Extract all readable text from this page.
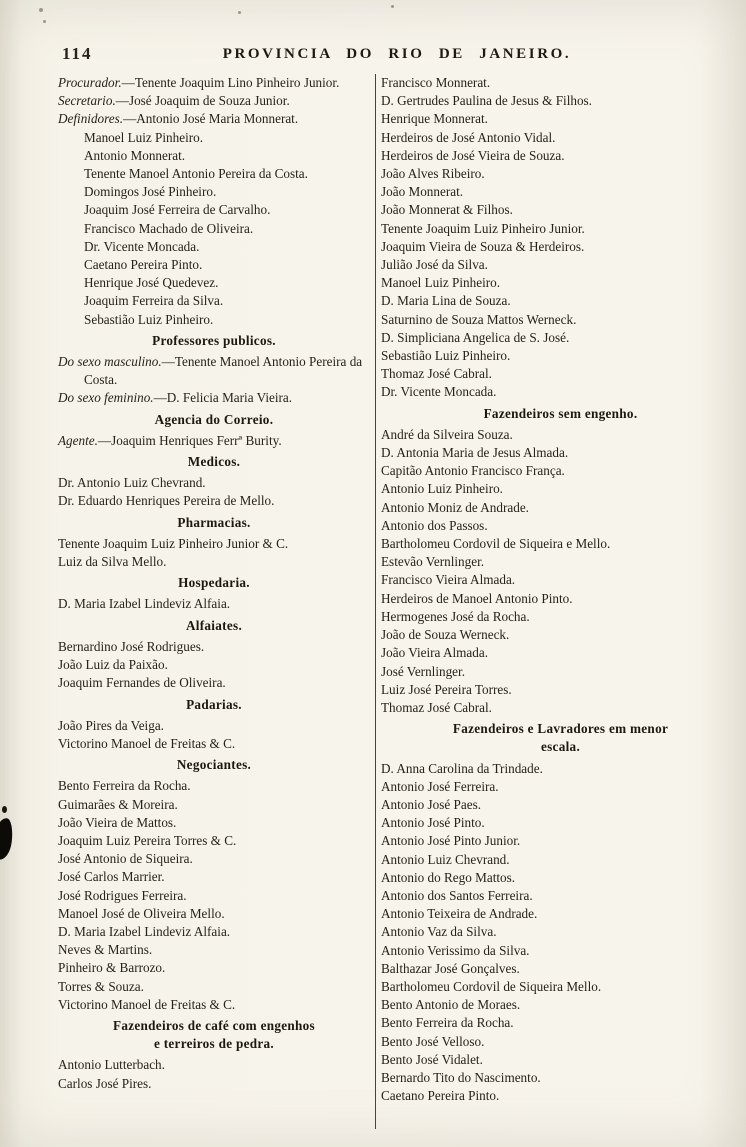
114	PROVINCIA DO RIO DE JANEIRO.
Procurador.—Tenente Joaquim Lino Pinheiro Junior.
Secretario.—José Joaquim de Souza Junior.
Definidores.—Antonio José Maria Monnerat.
Manoel Luiz Pinheiro.
Antonio Monnerat.
Tenente Manoel Antonio Pereira da Costa.
Domingos José Pinheiro.
Joaquim José Ferreira de Carvalho.
Francisco Machado de Oliveira.
Dr. Vicente Moncada.
Caetano Pereira Pinto.
Henrique José Quedevez.
Joaquim Ferreira da Silva.
Sebastião Luiz Pinheiro.
Professores publicos.
Do sexo masculino.—Tenente Manoel Antonio Pereira da Costa.
Do sexo feminino.—D. Felicia Maria Vieira.
Agencia do Correio.
Agente.—Joaquim Henriques Ferrª Burity.
Medicos.
Dr. Antonio Luiz Chevrand.
Dr. Eduardo Henriques Pereira de Mello.
Pharmacias.
Tenente Joaquim Luiz Pinheiro Junior & C.
Luiz da Silva Mello.
Hospedaria.
D. Maria Izabel Lindeviz Alfaia.
Alfaiates.
Bernardino José Rodrigues.
João Luiz da Paixão.
Joaquim Fernandes de Oliveira.
Padarias.
João Pires da Veiga.
Victorino Manoel de Freitas & C.
Negociantes.
Bento Ferreira da Rocha.
Guimarães & Moreira.
João Vieira de Mattos.
Joaquim Luiz Pereira Torres & C.
José Antonio de Siqueira.
José Carlos Marrier.
José Rodrigues Ferreira.
Manoel José de Oliveira Mello.
D. Maria Izabel Lindeviz Alfaia.
Neves & Martins.
Pinheiro & Barrozo.
Torres & Souza.
Victorino Manoel de Freitas & C.
Fazendeiros de café com engenhos
e terreiros de pedra.
Antonio Lutterbach.
Carlos José Pires.
Francisco Monnerat.
D. Gertrudes Paulina de Jesus & Filhos.
Henrique Monnerat.
Herdeiros de José Antonio Vidal.
Herdeiros de José Vieira de Souza.
João Alves Ribeiro.
João Monnerat.
João Monnerat & Filhos.
Tenente Joaquim Luiz Pinheiro Junior.
Joaquim Vieira de Souza & Herdeiros.
Julião José da Silva.
Manoel Luiz Pinheiro.
D. Maria Lina de Souza.
Saturnino de Souza Mattos Werneck.
D. Simpliciana Angelica de S. José.
Sebastião Luiz Pinheiro.
Thomaz José Cabral.
Dr. Vicente Moncada.
Fazendeiros sem engenho.
André da Silveira Souza.
D. Antonia Maria de Jesus Almada.
Capitão Antonio Francisco França.
Antonio Luiz Pinheiro.
Antonio Moniz de Andrade.
Antonio dos Passos.
Bartholomeu Cordovil de Siqueira e Mello.
Estevão Vernlinger.
Francisco Vieira Almada.
Herdeiros de Manoel Antonio Pinto.
Hermogenes José da Rocha.
João de Souza Werneck.
João Vieira Almada.
José Vernlinger.
Luiz José Pereira Torres.
Thomaz José Cabral.
Fazendeiros e Lavradores em menor
escala.
D. Anna Carolina da Trindade.
Antonio José Ferreira.
Antonio José Paes.
Antonio José Pinto.
Antonio José Pinto Junior.
Antonio Luiz Chevrand.
Antonio do Rego Mattos.
Antonio dos Santos Ferreira.
Antonio Teixeira de Andrade.
Antonio Vaz da Silva.
Antonio Verissimo da Silva.
Balthazar José Gonçalves.
Bartholomeu Cordovil de Siqueira Mello.
Bento Antonio de Moraes.
Bento Ferreira da Rocha.
Bento José Velloso.
Bento José Vidalet.
Bernardo Tito do Nascimento.
Caetano Pereira Pinto.
